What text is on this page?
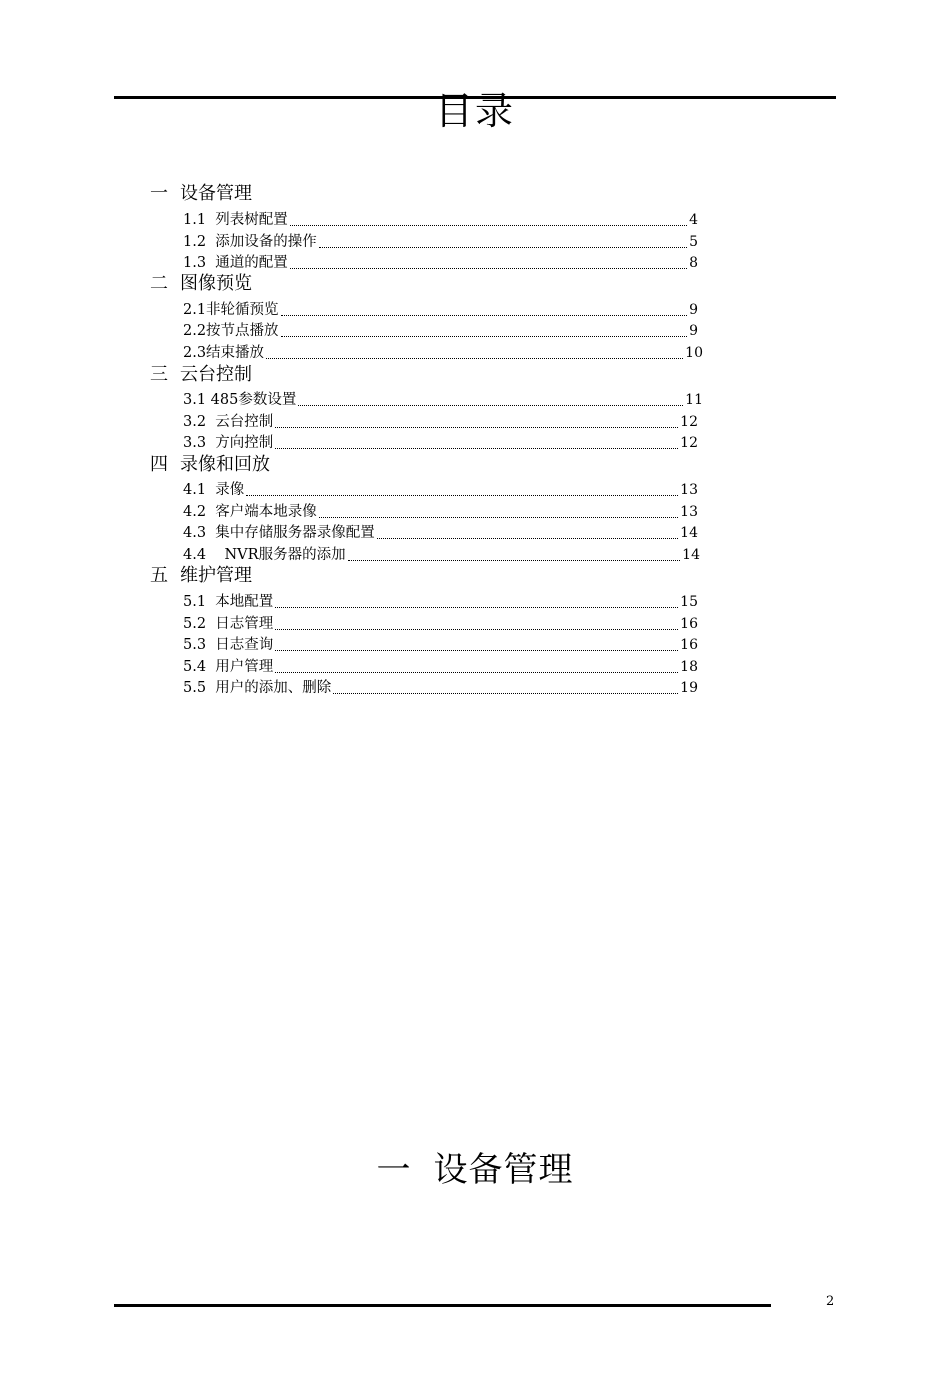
目录
一 设备管理
1.1  列表树配置	4
1.2  添加设备的操作	5
1.3  通道的配置	8
二 图像预览
2.1非轮循预览	9
2.2按节点播放	9
2.3结束播放	10
三 云台控制
3.1 485参数设置	11
3.2  云台控制	12
3.3  方向控制	12
四 录像和回放
4.1  录像	13
4.2  客户端本地录像	13
4.3  集中存储服务器录像配置	14
4.4    NVR服务器的添加	14
五 维护管理
5.1  本地配置	15
5.2  日志管理	16
5.3  日志查询	16
5.4  用户管理	18
5.5  用户的添加、删除	19
一 设备管理
2
